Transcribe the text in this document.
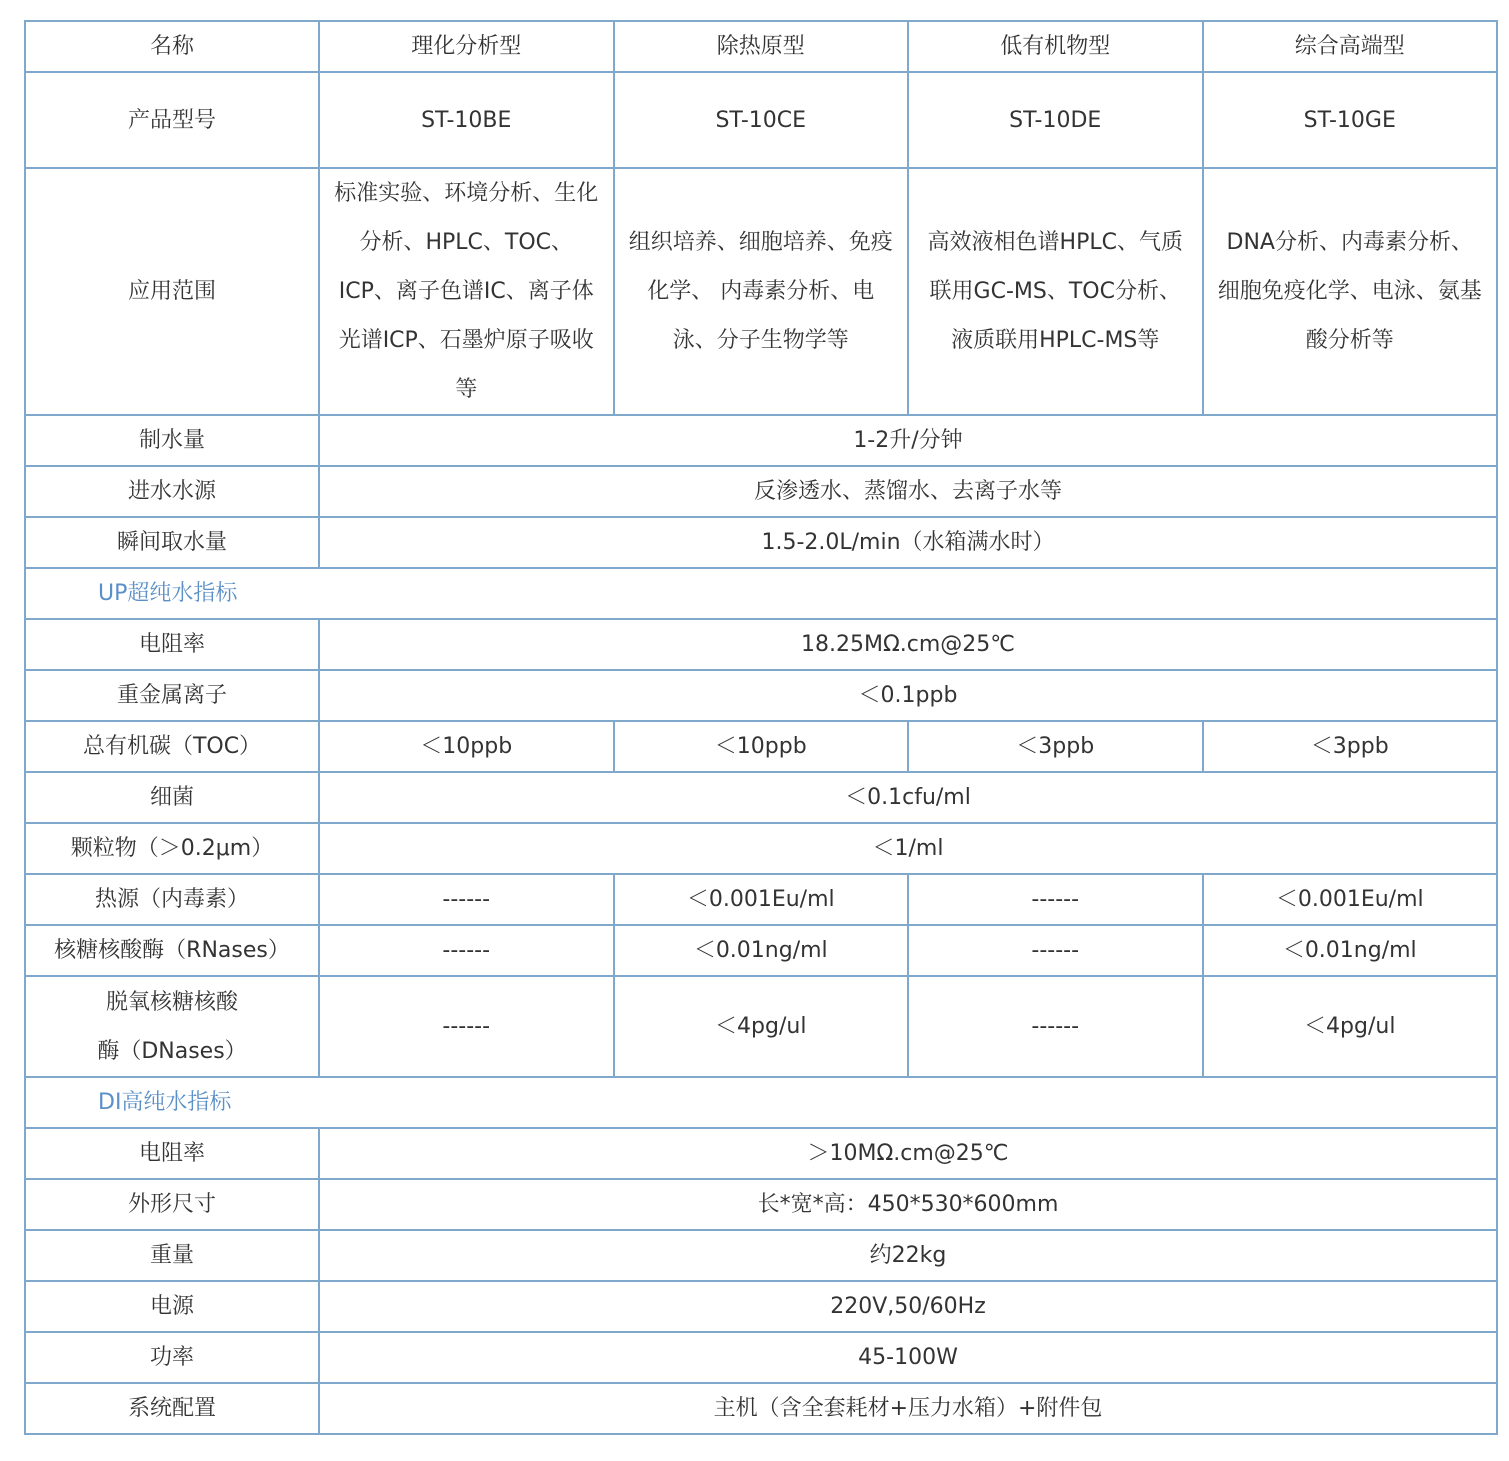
名称	理化分析型	除热原型	低有机物型	综合高端型
产品型号	ST-10BE	ST-10CE	ST-10DE	ST-10GE
应用范围	标准实验、环境分析、生化分析、HPLC、TOC、ICP、离子色谱IC、离子体光谱ICP、石墨炉原子吸收等	组织培养、细胞培养、免疫化学、 内毒素分析、电泳、分子生物学等	高效液相色谱HPLC、气质联用GC-MS、TOC分析、液质联用HPLC-MS等	DNA分析、内毒素分析、细胞免疫化学、电泳、氨基酸分析等
制水量	1-2升/分钟			
进水水源	反渗透水、蒸馏水、去离子水等			
瞬间取水量	1.5-2.0L/min（水箱满水时）			
UP超纯水指标				
电阻率	18.25MΩ.cm@25℃			
重金属离子	＜0.1ppb			
总有机碳（TOC）	＜10ppb	＜10ppb	＜3ppb	＜3ppb
细菌	＜0.1cfu/ml			
颗粒物（＞0.2μm）	＜1/ml			
热源（内毒素）	------	＜0.001Eu/ml	------	＜0.001Eu/ml
核糖核酸酶（RNases）	------	＜0.01ng/ml	------	＜0.01ng/ml
脱氧核糖核酸酶（DNases）	------	＜4pg/ul	------	＜4pg/ul
DI高纯水指标				
电阻率	＞10MΩ.cm@25℃			
外形尺寸	长*宽*高：450*530*600mm			
重量	约22kg			
电源	220V,50/60Hz			
功率	45-100W			
系统配置	主机（含全套耗材+压力水箱）+附件包			
